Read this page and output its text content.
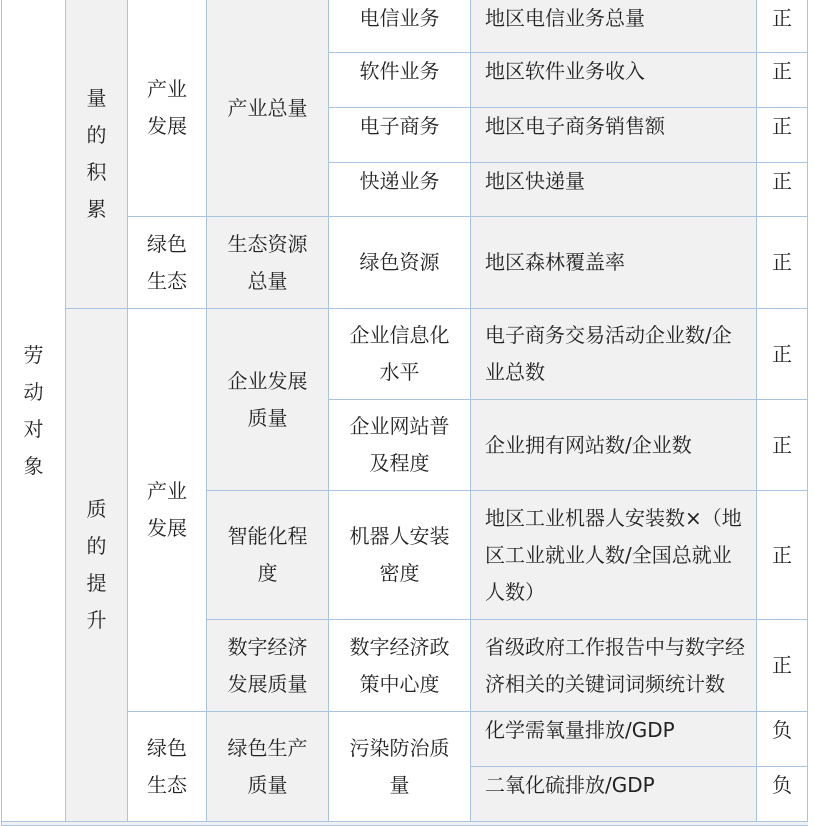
劳
动
对
象
量
的
积
累
质
的
提
升
产业
发展
绿色
生态
产业
发展
绿色
生态
产业总量
生态资源
总量
企业发展
质量
智能化程
度
数字经济
发展质量
绿色生产
质量
电信业务
软件业务
电子商务
快递业务
绿色资源
企业信息化
水平
企业网站普
及程度
机器人安装
密度
数字经济政
策中心度
污染防治质
量
地区电信业务总量
地区软件业务收入
地区电子商务销售额
地区快递量
地区森林覆盖率
电子商务交易活动企业数/企
业总数
企业拥有网站数/企业数
地区工业机器人安装数×（地
区工业就业人数/全国总就业
人数）
省级政府工作报告中与数字经
济相关的关键词词频统计数
化学需氧量排放/GDP
二氧化硫排放/GDP
正
正
正
正
正
正
正
正
正
负
负
